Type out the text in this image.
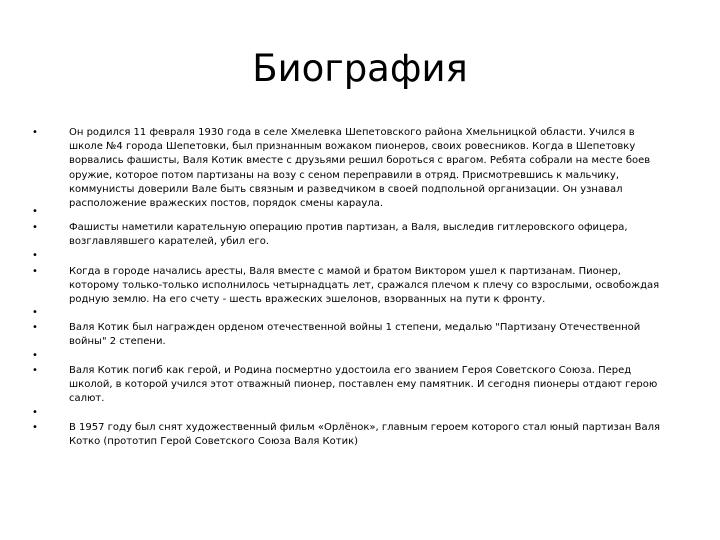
Биография
•	Он родился 11 февраля 1930 года в селе Хмелевка Шепетовского района Хмельницкой области. Учился в школе №4 города Шепетовки, был признанным вожаком пионеров, своих ровесников. Когда в Шепетовку ворвались фашисты, Валя Котик вместе с друзьями решил бороться с врагом. Ребята собрали на месте боев оружие, которое потом партизаны на возу с сеном переправили в отряд. Присмотревшись к мальчику, коммунисты доверили Вале быть связным и разведчиком в своей подпольной организации. Он узнавал расположение вражеских постов, порядок смены караула.
•
•	Фашисты наметили карательную операцию против партизан, а Валя, выследив гитлеровского офицера, возглавлявшего карателей, убил его.
•
•	Когда в городе начались аресты, Валя вместе с мамой и братом Виктором ушел к партизанам. Пионер, которому только-только исполнилось четырнадцать лет, сражался плечом к плечу со взрослыми, освобождая родную землю. На его счету - шесть вражеских эшелонов, взорванных на пути к фронту.
•
•	Валя Котик был награжден орденом отечественной войны 1 степени, медалью "Партизану Отечественной войны" 2 степени.
•
•	Валя Котик погиб как герой, и Родина посмертно удостоила его званием Героя Советского Союза. Перед школой, в которой учился этот отважный пионер, поставлен ему памятник. И сегодня пионеры отдают герою салют.
•
•	В 1957 году был снят художественный фильм «Орлёнок», главным героем которого стал юный партизан Валя Котко (прототип Герой Советского Союза Валя Котик)
